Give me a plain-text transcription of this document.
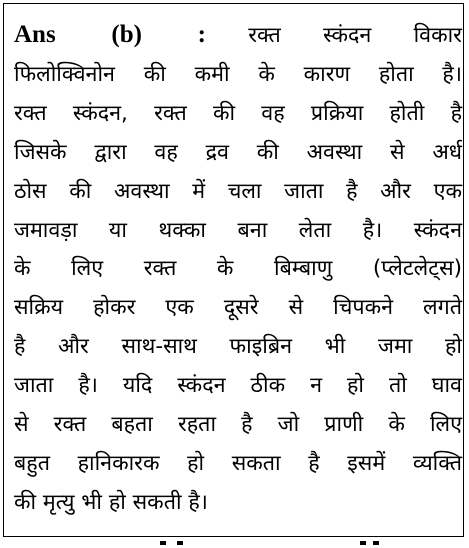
Ans (b) : रक्त स्कंदन विकार
फिलोक्विनोन की कमी के कारण होता है।
रक्त स्कंदन, रक्त की वह प्रक्रिया होती है
जिसके द्वारा वह द्रव की अवस्था से अर्ध
ठोस की अवस्था में चला जाता है और एक
जमावड़ा या थक्का बना लेता है। स्कंदन
के लिए रक्त के बिम्बाणु (प्लेटलेट्स)
सक्रिय होकर एक दूसरे से चिपकने लगते
है और साथ-साथ फाइब्रिन भी जमा हो
जाता है। यदि स्कंदन ठीक न हो तो घाव
से रक्त बहता रहता है जो प्राणी के लिए
बहुत हानिकारक हो सकता है इसमें व्यक्ति
की मृत्यु भी हो सकती है।
